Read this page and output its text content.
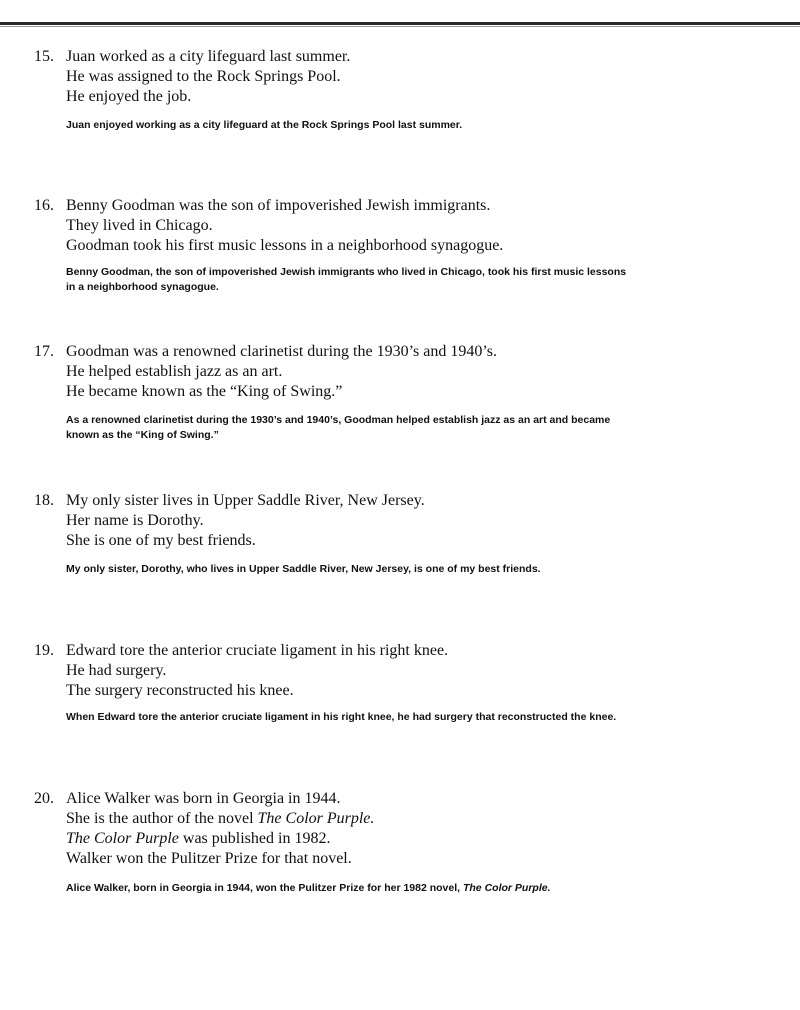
15. Juan worked as a city lifeguard last summer.
He was assigned to the Rock Springs Pool.
He enjoyed the job.
Juan enjoyed working as a city lifeguard at the Rock Springs Pool last summer.
16. Benny Goodman was the son of impoverished Jewish immigrants.
They lived in Chicago.
Goodman took his first music lessons in a neighborhood synagogue.
Benny Goodman, the son of impoverished Jewish immigrants who lived in Chicago, took his first music lessons in a neighborhood synagogue.
17. Goodman was a renowned clarinetist during the 1930’s and 1940’s.
He helped establish jazz as an art.
He became known as the “King of Swing.”
As a renowned clarinetist during the 1930’s and 1940’s, Goodman helped establish jazz as an art and became known as the “King of Swing.”
18. My only sister lives in Upper Saddle River, New Jersey.
Her name is Dorothy.
She is one of my best friends.
My only sister, Dorothy, who lives in Upper Saddle River, New Jersey, is one of my best friends.
19. Edward tore the anterior cruciate ligament in his right knee.
He had surgery.
The surgery reconstructed his knee.
When Edward tore the anterior cruciate ligament in his right knee, he had surgery that reconstructed the knee.
20. Alice Walker was born in Georgia in 1944.
She is the author of the novel The Color Purple.
The Color Purple was published in 1982.
Walker won the Pulitzer Prize for that novel.
Alice Walker, born in Georgia in 1944, won the Pulitzer Prize for her 1982 novel, The Color Purple.
